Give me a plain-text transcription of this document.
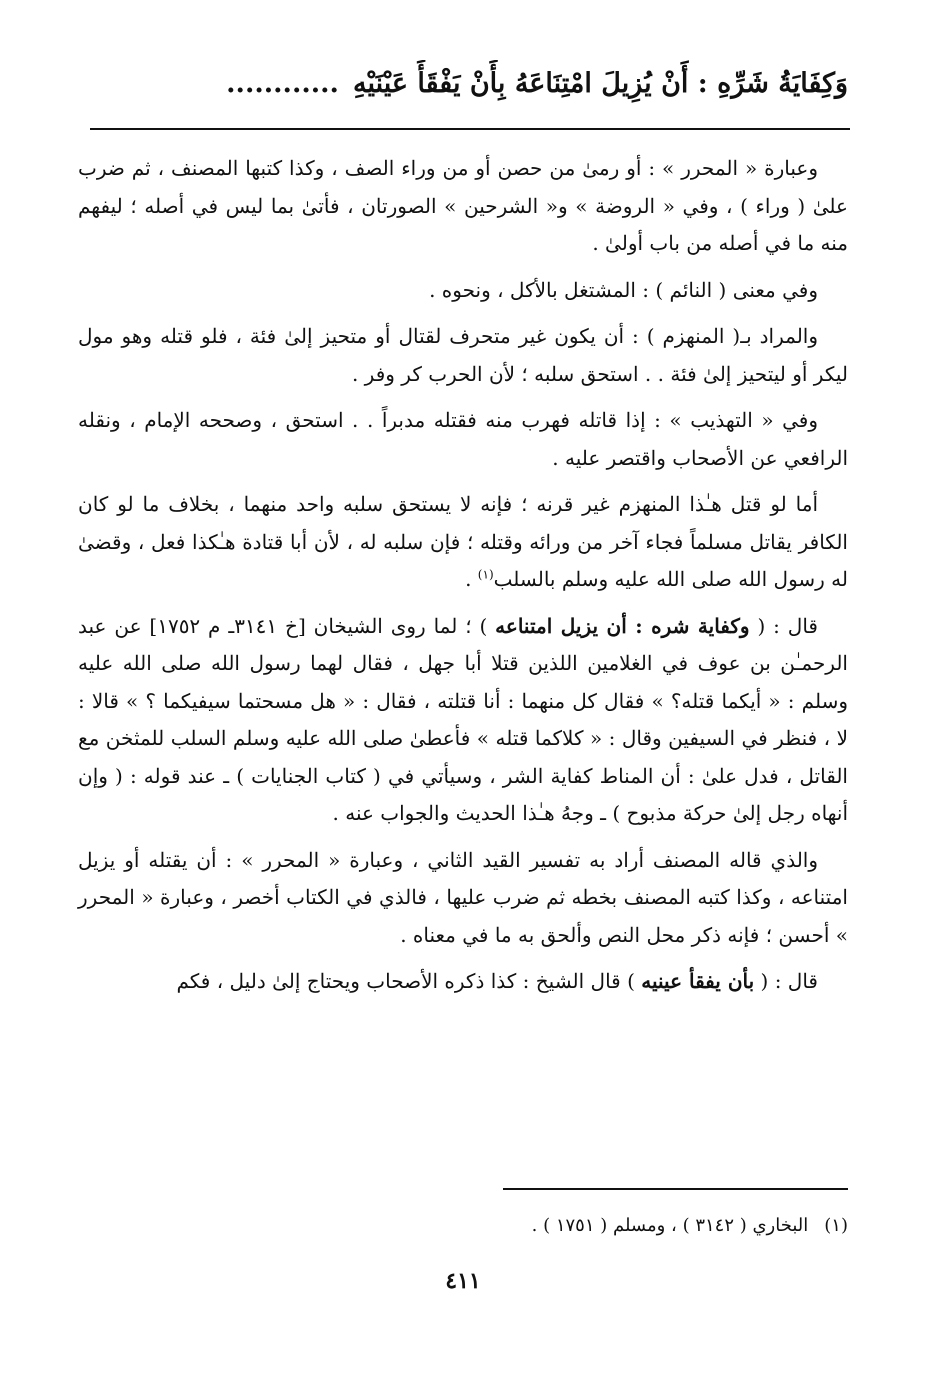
وَكِفَايَةُ شَرِّهِ : أَنْ يُزِيلَ امْتِنَاعَهُ بِأَنْ يَفْقَأَ عَيْنَيْهِ............

وعبارة « المحرر » : أو رمىٰ من حصن أو من وراء الصف ، وكذا كتبها المصنف ، ثم ضرب علىٰ ( وراء ) ، وفي « الروضة » و« الشرحين » الصورتان ، فأتىٰ بما ليس في أصله ؛ ليفهم منه ما في أصله من باب أولىٰ .

وفي معنى ( النائم ) : المشتغل بالأكل ، ونحوه .

والمراد بـ( المنهزم ) : أن يكون غير متحرف لقتال أو متحيز إلىٰ فئة ، فلو قتله وهو مول ليكر أو ليتحيز إلىٰ فئة . . استحق سلبه ؛ لأن الحرب كر وفر .

وفي « التهذيب » : إذا قاتله فهرب منه فقتله مدبراً . . استحق ، وصححه الإمام ، ونقله الرافعي عن الأصحاب واقتصر عليه .

أما لو قتل هـٰذا المنهزم غير قرنه ؛ فإنه لا يستحق سلبه واحد منهما ، بخلاف ما لو كان الكافر يقاتل مسلماً فجاء آخر من ورائه وقتله ؛ فإن سلبه له ، لأن أبا قتادة هـٰكذا فعل ، وقضىٰ له رسول الله صلى الله عليه وسلم بالسلب$^{(١)}$ .

قال : ( وكفاية شره : أن يزيل امتناعه ) ؛ لما روى الشيخان [خ ٣١٤١ـ م ١٧٥٢] عن عبد الرحمـٰن بن عوف في الغلامين اللذين قتلا أبا جهل ، فقال لهما رسول الله صلى الله عليه وسلم : « أيكما قتله؟ » فقال كل منهما : أنا قتلته ، فقال : « هل مسحتما سيفيكما ؟ » قالا : لا ، فنظر في السيفين وقال : « كلاكما قتله » فأعطىٰ صلى الله عليه وسلم السلب للمثخن مع القاتل ، فدل علىٰ : أن المناط كفاية الشر ، وسيأتي في ( كتاب الجنايات ) ـ عند قوله : ( وإن أنهاه رجل إلىٰ حركة مذبوح ) ـ وجهُ هـٰذا الحديث والجواب عنه .

والذي قاله المصنف أراد به تفسير القيد الثاني ، وعبارة « المحرر » : أن يقتله أو يزيل امتناعه ، وكذا كتبه المصنف بخطه ثم ضرب عليها ، فالذي في الكتاب أخصر ، وعبارة « المحرر » أحسن ؛ فإنه ذكر محل النص وألحق به ما في معناه .

قال : ( بأن يفقأ عينيه ) قال الشيخ : كذا ذكره الأصحاب ويحتاج إلىٰ دليل ، فكم

(١)البخاري ( ٣١٤٢ ) ، ومسلم ( ١٧٥١ ) .
٤١١
